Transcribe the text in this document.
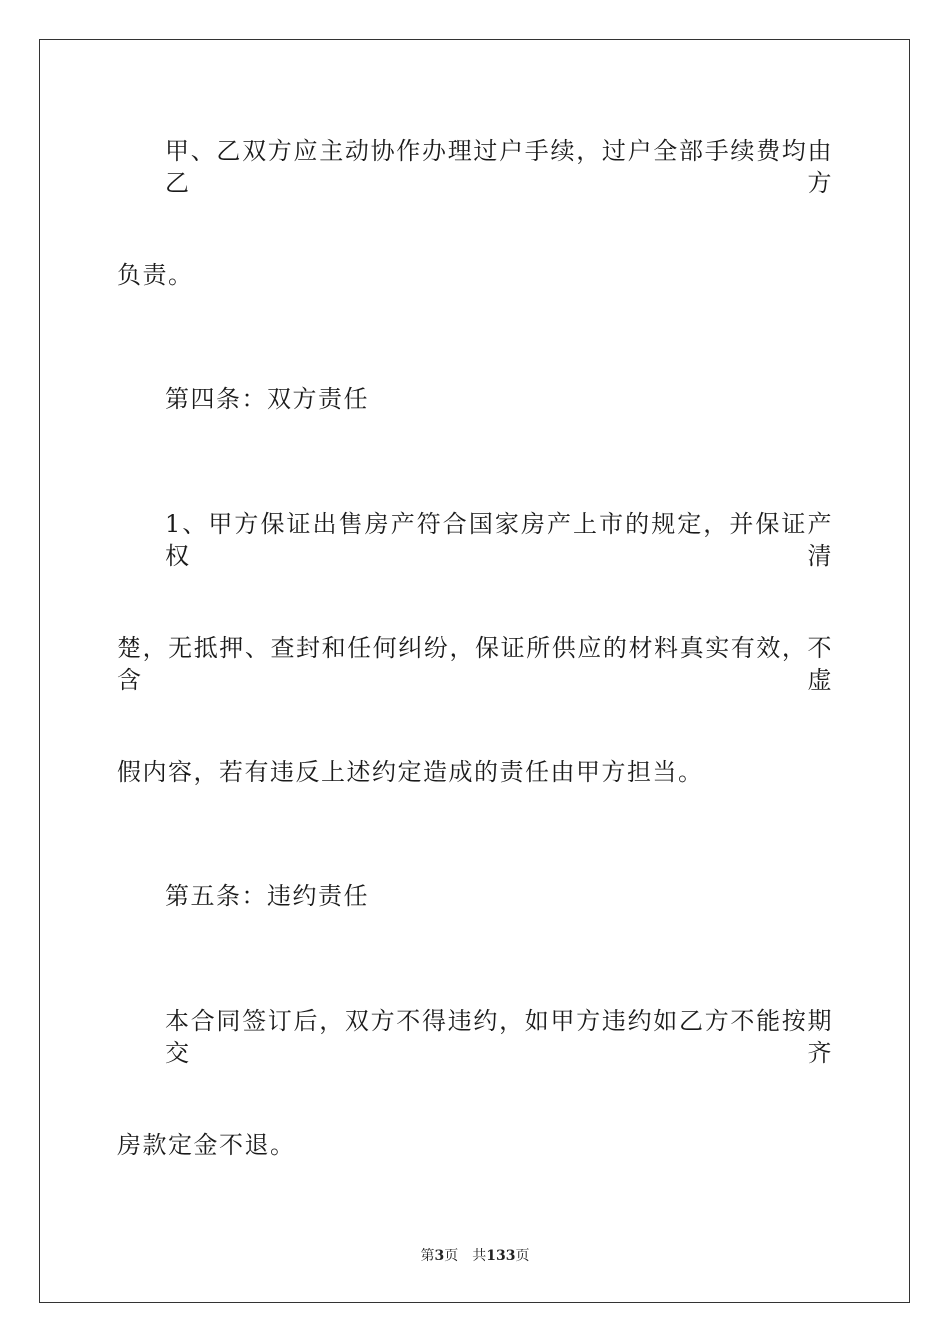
甲、乙双方应主动协作办理过户手续，过户全部手续费均由乙方

负责。

第四条：双方责任

1、甲方保证出售房产符合国家房产上市的规定，并保证产权清

楚，无抵押、查封和任何纠纷，保证所供应的材料真实有效，不含虚

假内容，若有违反上述约定造成的责任由甲方担当。

第五条：违约责任

本合同签订后，双方不得违约，如甲方违约如乙方不能按期交齐

房款定金不退。

第3页 共133页
